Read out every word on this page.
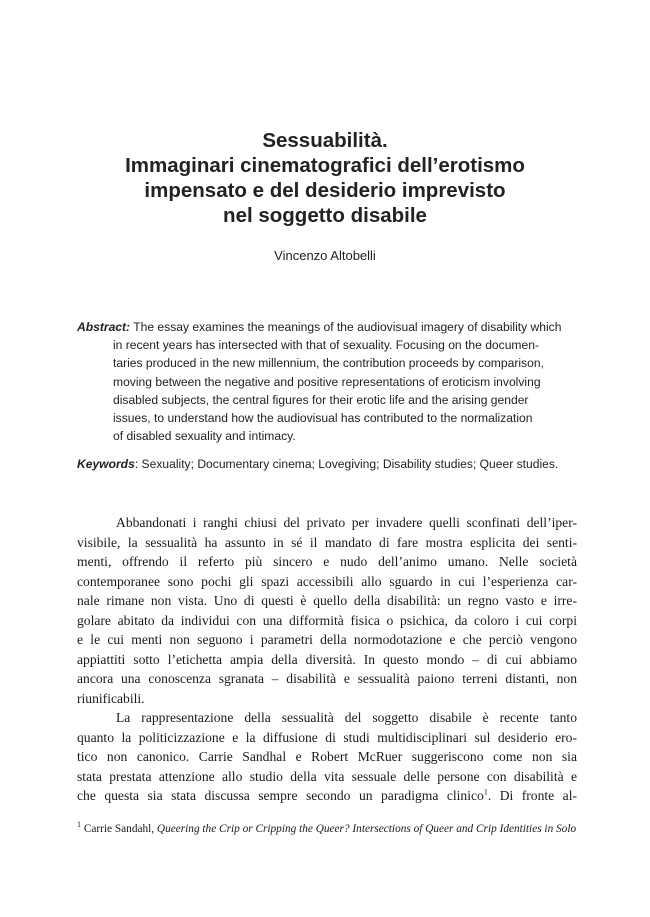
Sessuabilità.
Immaginari cinematografici dell’erotismo
impensato e del desiderio imprevisto
nel soggetto disabile
Vincenzo Altobelli
Abstract: The essay examines the meanings of the audiovisual imagery of disability which
in recent years has intersected with that of sexuality. Focusing on the documen-
taries produced in the new millennium, the contribution proceeds by comparison,
moving between the negative and positive representations of eroticism involving
disabled subjects, the central figures for their erotic life and the arising gender
issues, to understand how the audiovisual has contributed to the normalization
of disabled sexuality and intimacy.
Keywords: Sexuality; Documentary cinema; Lovegiving; Disability studies; Queer studies.
Abbandonati i ranghi chiusi del privato per invadere quelli sconfinati dell’iper-
visibile, la sessualità ha assunto in sé il mandato di fare mostra esplicita dei senti-
menti, offrendo il referto più sincero e nudo dell’animo umano. Nelle società
contemporanee sono pochi gli spazi accessibili allo sguardo in cui l’esperienza car-
nale rimane non vista. Uno di questi è quello della disabilità: un regno vasto e irre-
golare abitato da individui con una difformità fisica o psichica, da coloro i cui corpi
e le cui menti non seguono i parametri della normodotazione e che perciò vengono
appiattiti sotto l’etichetta ampia della diversità. In questo mondo – di cui abbiamo
ancora una conoscenza sgranata – disabilità e sessualità paiono terreni distanti, non
riunificabili.
La rappresentazione della sessualità del soggetto disabile è recente tanto
quanto la politicizzazione e la diffusione di studi multidisciplinari sul desiderio ero-
tico non canonico. Carrie Sandhal e Robert McRuer suggeriscono come non sia
stata prestata attenzione allo studio della vita sessuale delle persone con disabilità e
che questa sia stata discussa sempre secondo un paradigma clinico$^1$. Di fronte al-
$^1$ Carrie Sandahl, Queering the Crip or Cripping the Queer? Intersections of Queer and Crip Identities in Solo
